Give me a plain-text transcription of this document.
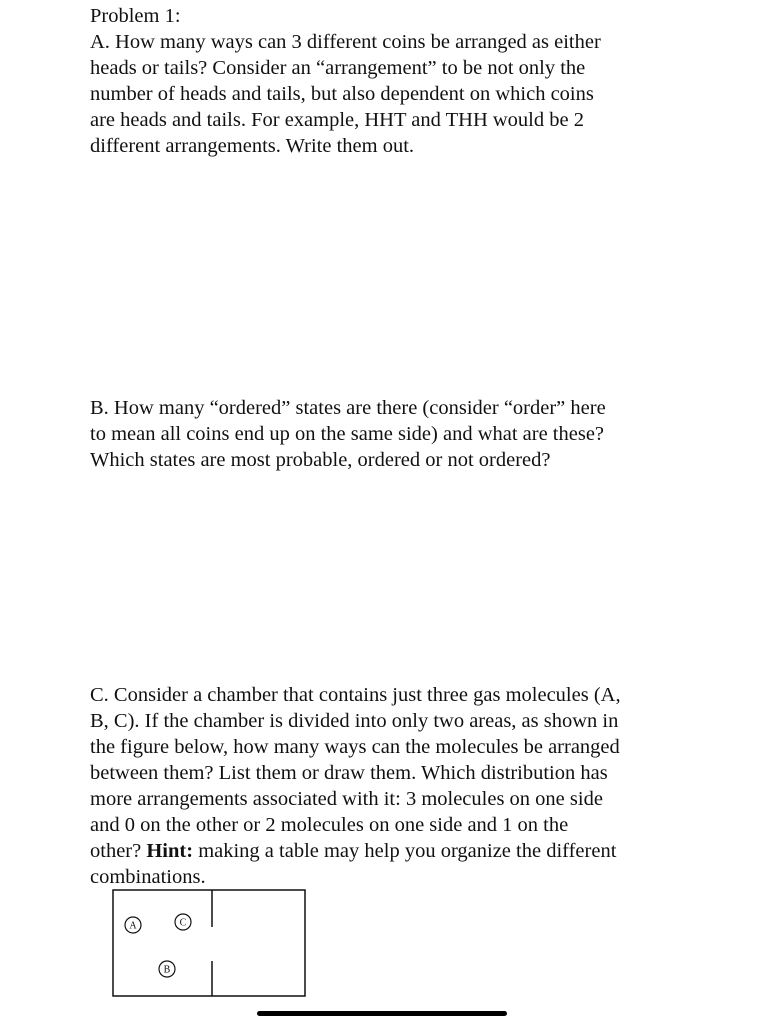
Problem 1:
A. How many ways can 3 different coins be arranged as either
heads or tails? Consider an “arrangement” to be not only the
number of heads and tails, but also dependent on which coins
are heads and tails. For example, HHT and THH would be 2
different arrangements. Write them out.
B. How many “ordered” states are there (consider “order” here
to mean all coins end up on the same side) and what are these?
Which states are most probable, ordered or not ordered?
C. Consider a chamber that contains just three gas molecules (A,
B, C). If the chamber is divided into only two areas, as shown in
the figure below, how many ways can the molecules be arranged
between them? List them or draw them. Which distribution has
more arrangements associated with it: 3 molecules on one side
and 0 on the other or 2 molecules on one side and 1 on the
other? Hint: making a table may help you organize the different
combinations.
A	C
B
